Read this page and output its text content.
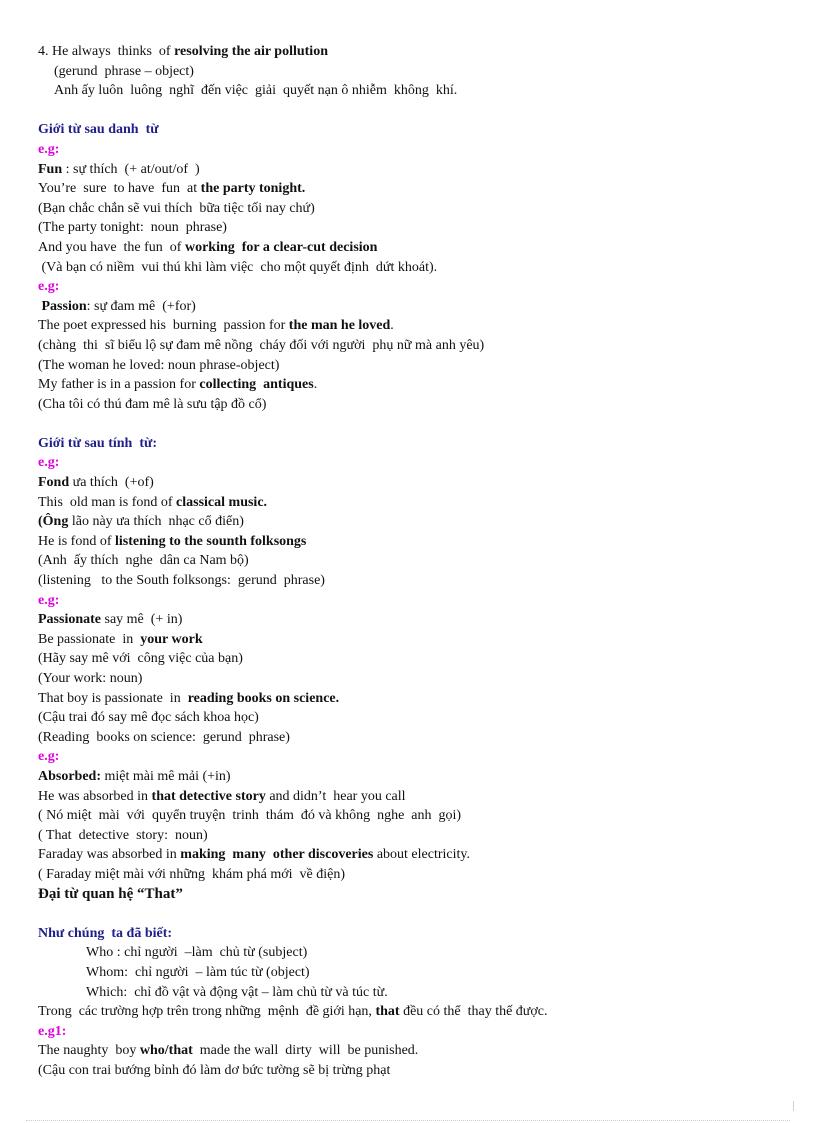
4. He always  thinks  of resolving the air pollution
(gerund  phrase – object)
Anh ấy luôn  luông  nghĩ  đến việc  giải  quyết nạn ô nhiễm  không  khí.
Giới từ sau danh  từ
e.g:
Fun : sự thích  (+ at/out/of  )
You’re  sure  to have  fun  at the party tonight.
(Bạn chắc chắn sẽ vui thích  bữa tiệc tối nay chứ)
(The party tonight:  noun  phrase)
And you have  the fun  of working  for a clear-cut decision
(Và bạn có niềm  vui thú khi làm việc  cho một quyết định  dứt khoát).
e.g:
Passion: sự đam mê  (+for)
The poet expressed his  burning  passion for the man he loved.
(chàng  thi  sĩ biểu lộ sự đam mê nồng  cháy đối với người  phụ nữ mà anh yêu)
(The woman he loved: noun phrase-object)
My father is in a passion for collecting  antiques.
(Cha tôi có thú đam mê là sưu tập đồ cổ)
Giới từ sau tính  từ:
e.g:
Fond ưa thích  (+of)
This  old man is fond of classical music.
(Ông lão này ưa thích  nhạc cổ điển)
He is fond of listening to the sounth folksongs
(Anh  ấy thích  nghe  dân ca Nam bộ)
(listening   to the South folksongs:  gerund  phrase)
e.g:
Passionate say mê  (+ in)
Be passionate  in  your work
(Hãy say mê với  công việc của bạn)
(Your work: noun)
That boy is passionate  in  reading books on science.
(Cậu trai đó say mê đọc sách khoa học)
(Reading  books on science:  gerund  phrase)
e.g:
Absorbed: miệt mài mê mải (+in)
He was absorbed in that detective story and didn’t  hear you call
( Nó miệt  mài  với  quyển truyện  trinh  thám  đó và không  nghe  anh  gọi)
( That  detective  story:  noun)
Faraday was absorbed in making  many  other discoveries about electricity.
( Faraday miệt mài với những  khám phá mới  về điện)
Đại từ quan hệ “That”
Như chúng  ta đã biết:
Who : chỉ người  –làm  chủ từ (subject)
Whom:  chỉ người  – làm túc từ (object)
Which:  chỉ đồ vật và động vật – làm chủ từ và túc từ.
Trong  các trường hợp trên trong những  mệnh  đề giới hạn, that đều có thể  thay thế được.
e.g1:
The naughty  boy who/that  made the wall  dirty  will  be punished.
(Cậu con trai bướng bỉnh đó làm dơ bức tường sẽ bị trừng phạt
